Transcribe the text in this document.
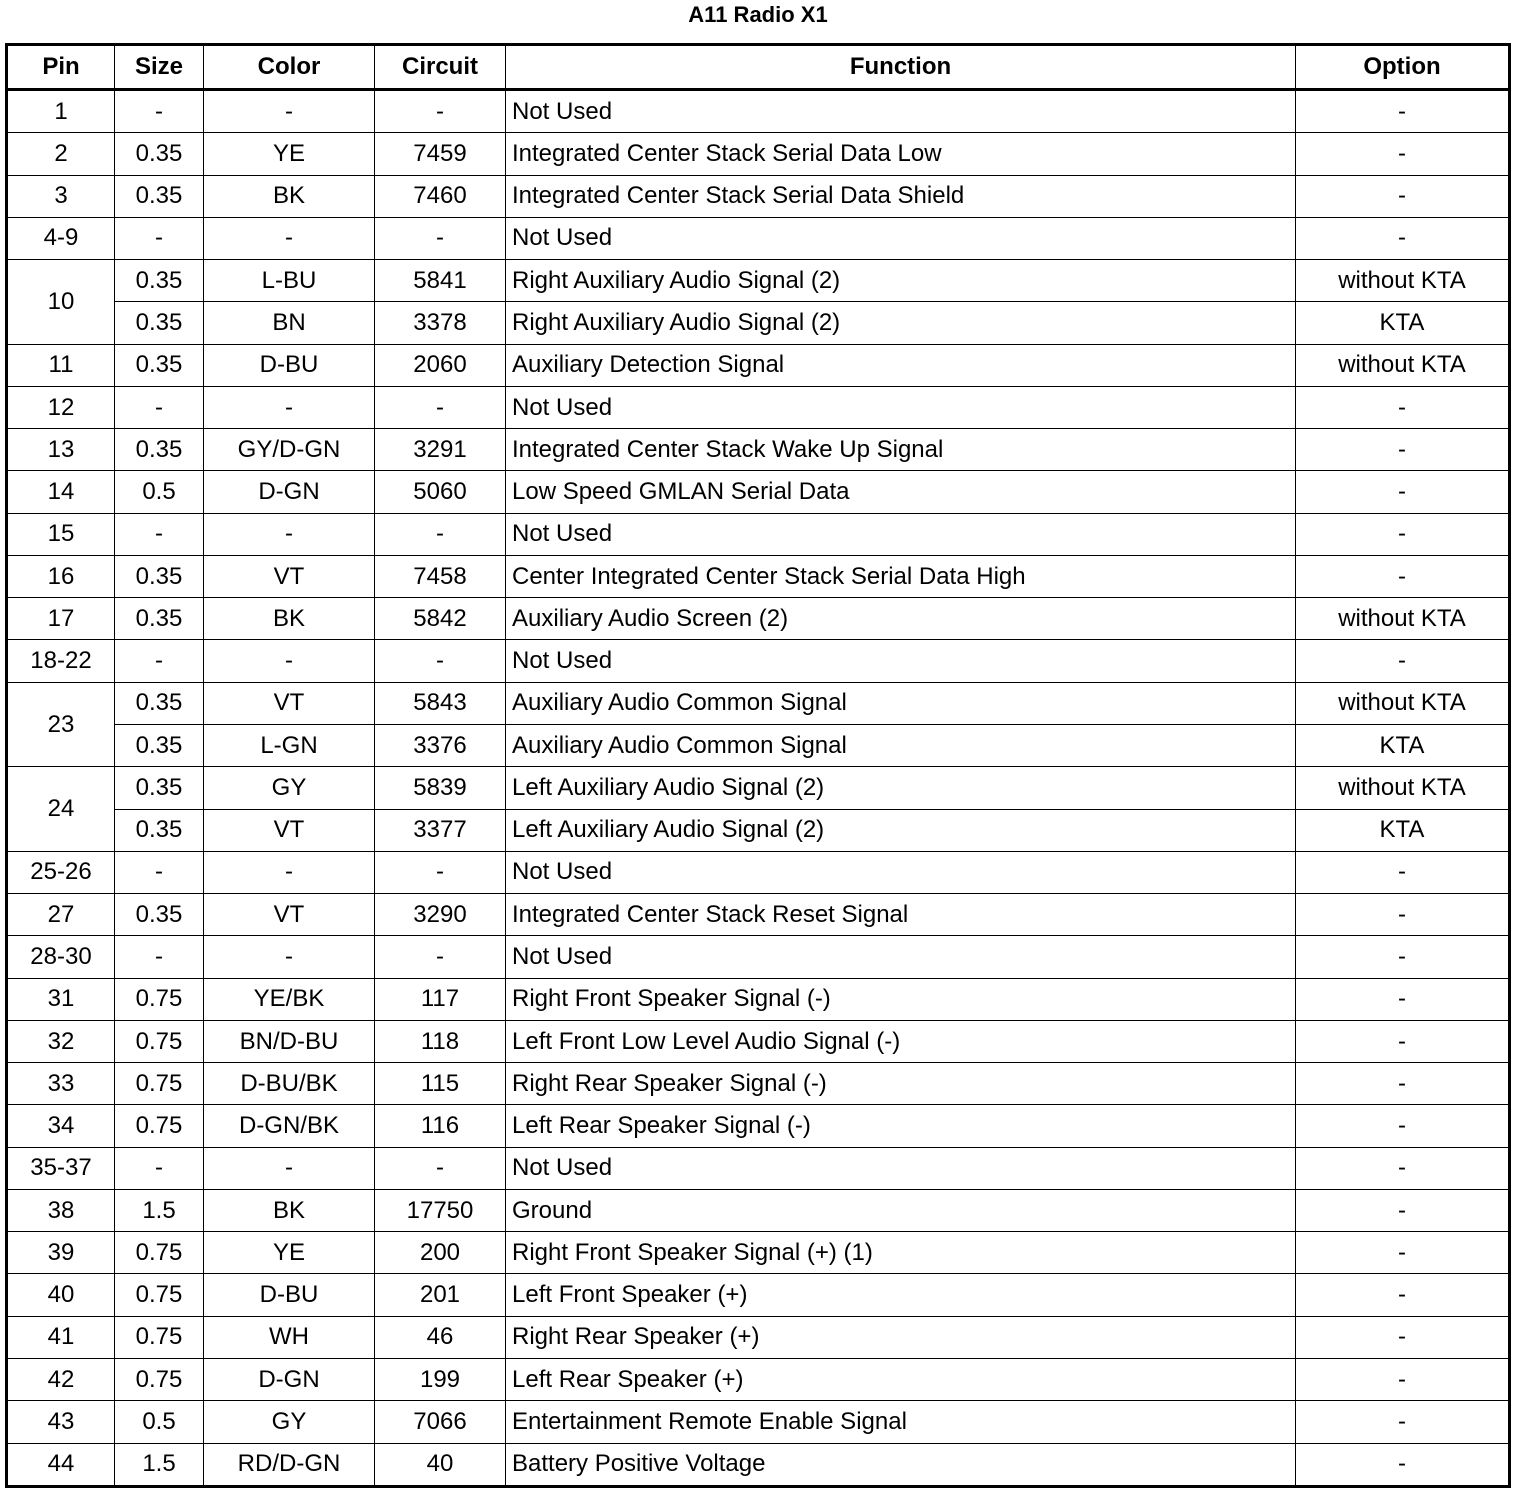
A11 Radio X1
Pin	Size	Color	Circuit	Function	Option
1	-	-	-	Not Used	-
2	0.35	YE	7459	Integrated Center Stack Serial Data Low	-
3	0.35	BK	7460	Integrated Center Stack Serial Data Shield	-
4-9	-	-	-	Not Used	-
10	0.35	L-BU	5841	Right Auxiliary Audio Signal (2)	without KTA
	0.35	BN	3378	Right Auxiliary Audio Signal (2)	KTA
11	0.35	D-BU	2060	Auxiliary Detection Signal	without KTA
12	-	-	-	Not Used	-
13	0.35	GY/D-GN	3291	Integrated Center Stack Wake Up Signal	-
14	0.5	D-GN	5060	Low Speed GMLAN Serial Data	-
15	-	-	-	Not Used	-
16	0.35	VT	7458	Center Integrated Center Stack Serial Data High	-
17	0.35	BK	5842	Auxiliary Audio Screen (2)	without KTA
18-22	-	-	-	Not Used	-
23	0.35	VT	5843	Auxiliary Audio Common Signal	without KTA
	0.35	L-GN	3376	Auxiliary Audio Common Signal	KTA
24	0.35	GY	5839	Left Auxiliary Audio Signal (2)	without KTA
	0.35	VT	3377	Left Auxiliary Audio Signal (2)	KTA
25-26	-	-	-	Not Used	-
27	0.35	VT	3290	Integrated Center Stack Reset Signal	-
28-30	-	-	-	Not Used	-
31	0.75	YE/BK	117	Right Front Speaker Signal (-)	-
32	0.75	BN/D-BU	118	Left Front Low Level Audio Signal (-)	-
33	0.75	D-BU/BK	115	Right Rear Speaker Signal (-)	-
34	0.75	D-GN/BK	116	Left Rear Speaker Signal (-)	-
35-37	-	-	-	Not Used	-
38	1.5	BK	17750	Ground	-
39	0.75	YE	200	Right Front Speaker Signal (+) (1)	-
40	0.75	D-BU	201	Left Front Speaker (+)	-
41	0.75	WH	46	Right Rear Speaker (+)	-
42	0.75	D-GN	199	Left Rear Speaker (+)	-
43	0.5	GY	7066	Entertainment Remote Enable Signal	-
44	1.5	RD/D-GN	40	Battery Positive Voltage	-
